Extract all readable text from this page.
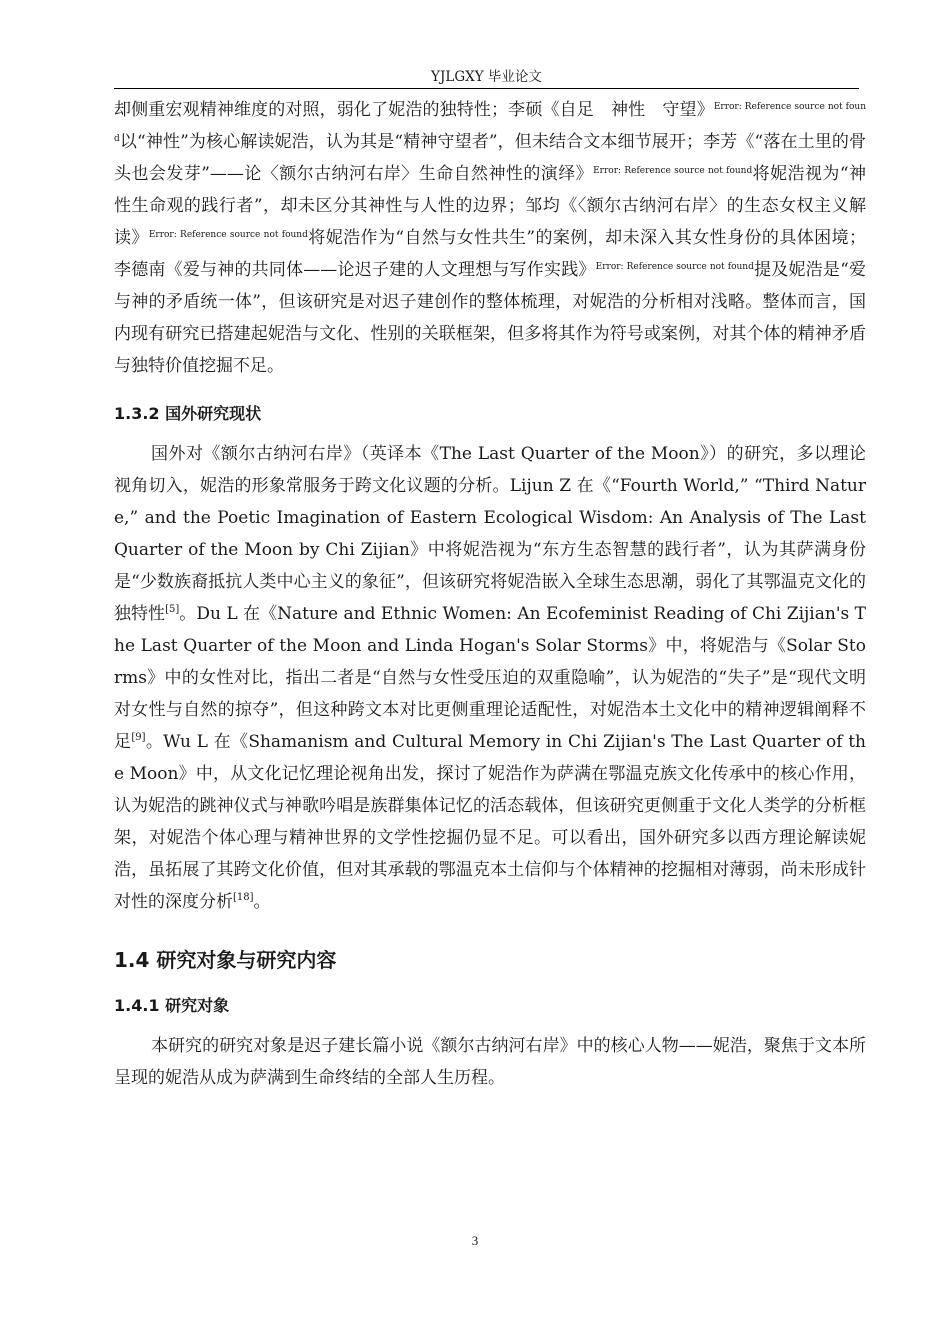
YJLGXY 毕业论文

却侧重宏观精神维度的对照，弱化了妮浩的独特性；李硕《自足　神性　守望》$^{Error: Reference source not found}$以“神性”为核心解读妮浩，认为其是“精神守望者”，但未结合文本细节展开；李芳《“落在土里的骨头也会发芽”——论〈额尔古纳河右岸〉生命自然神性的演绎》$^{Error: Reference source not found}$将妮浩视为“神性生命观的践行者”，却未区分其神性与人性的边界；邹均《〈额尔古纳河右岸〉的生态女权主义解读》$^{Error: Reference source not found}$将妮浩作为“自然与女性共生”的案例，却未深入其女性身份的具体困境；李德南《爱与神的共同体——论迟子建的人文理想与写作实践》$^{Error: Reference source not found}$提及妮浩是“爱与神的矛盾统一体”，但该研究是对迟子建创作的整体梳理，对妮浩的分析相对浅略。整体而言，国内现有研究已搭建起妮浩与文化、性别的关联框架，但多将其作为符号或案例，对其个体的精神矛盾与独特价值挖掘不足。

1.3.2 国外研究现状

国外对《额尔古纳河右岸》（英译本《The Last Quarter of the Moon》）的研究，多以理论视角切入，妮浩的形象常服务于跨文化议题的分析。Lijun Z 在《“Fourth World,” “Third Nature,” and the Poetic Imagination of Eastern Ecological Wisdom: An Analysis of The Last Quarter of the Moon by Chi Zijian》中将妮浩视为“东方生态智慧的践行者”，认为其萨满身份是“少数族裔抵抗人类中心主义的象征”，但该研究将妮浩嵌入全球生态思潮，弱化了其鄂温克文化的独特性[5]。Du L 在《Nature and Ethnic Women: An Ecofeminist Reading of Chi Zijian's The Last Quarter of the Moon and Linda Hogan's Solar Storms》中，将妮浩与《Solar Storms》中的女性对比，指出二者是“自然与女性受压迫的双重隐喻”，认为妮浩的“失子”是“现代文明对女性与自然的掠夺”，但这种跨文本对比更侧重理论适配性，对妮浩本土文化中的精神逻辑阐释不足[9]。Wu L 在《Shamanism and Cultural Memory in Chi Zijian's The Last Quarter of the Moon》中，从文化记忆理论视角出发，探讨了妮浩作为萨满在鄂温克族文化传承中的核心作用，认为妮浩的跳神仪式与神歌吟唱是族群集体记忆的活态载体，但该研究更侧重于文化人类学的分析框架，对妮浩个体心理与精神世界的文学性挖掘仍显不足。可以看出，国外研究多以西方理论解读妮浩，虽拓展了其跨文化价值，但对其承载的鄂温克本土信仰与个体精神的挖掘相对薄弱，尚未形成针对性的深度分析[18]。

1.4 研究对象与研究内容
1.4.1 研究对象

本研究的研究对象是迟子建长篇小说《额尔古纳河右岸》中的核心人物——妮浩，聚焦于文本所呈现的妮浩从成为萨满到生命终结的全部人生历程。

3
